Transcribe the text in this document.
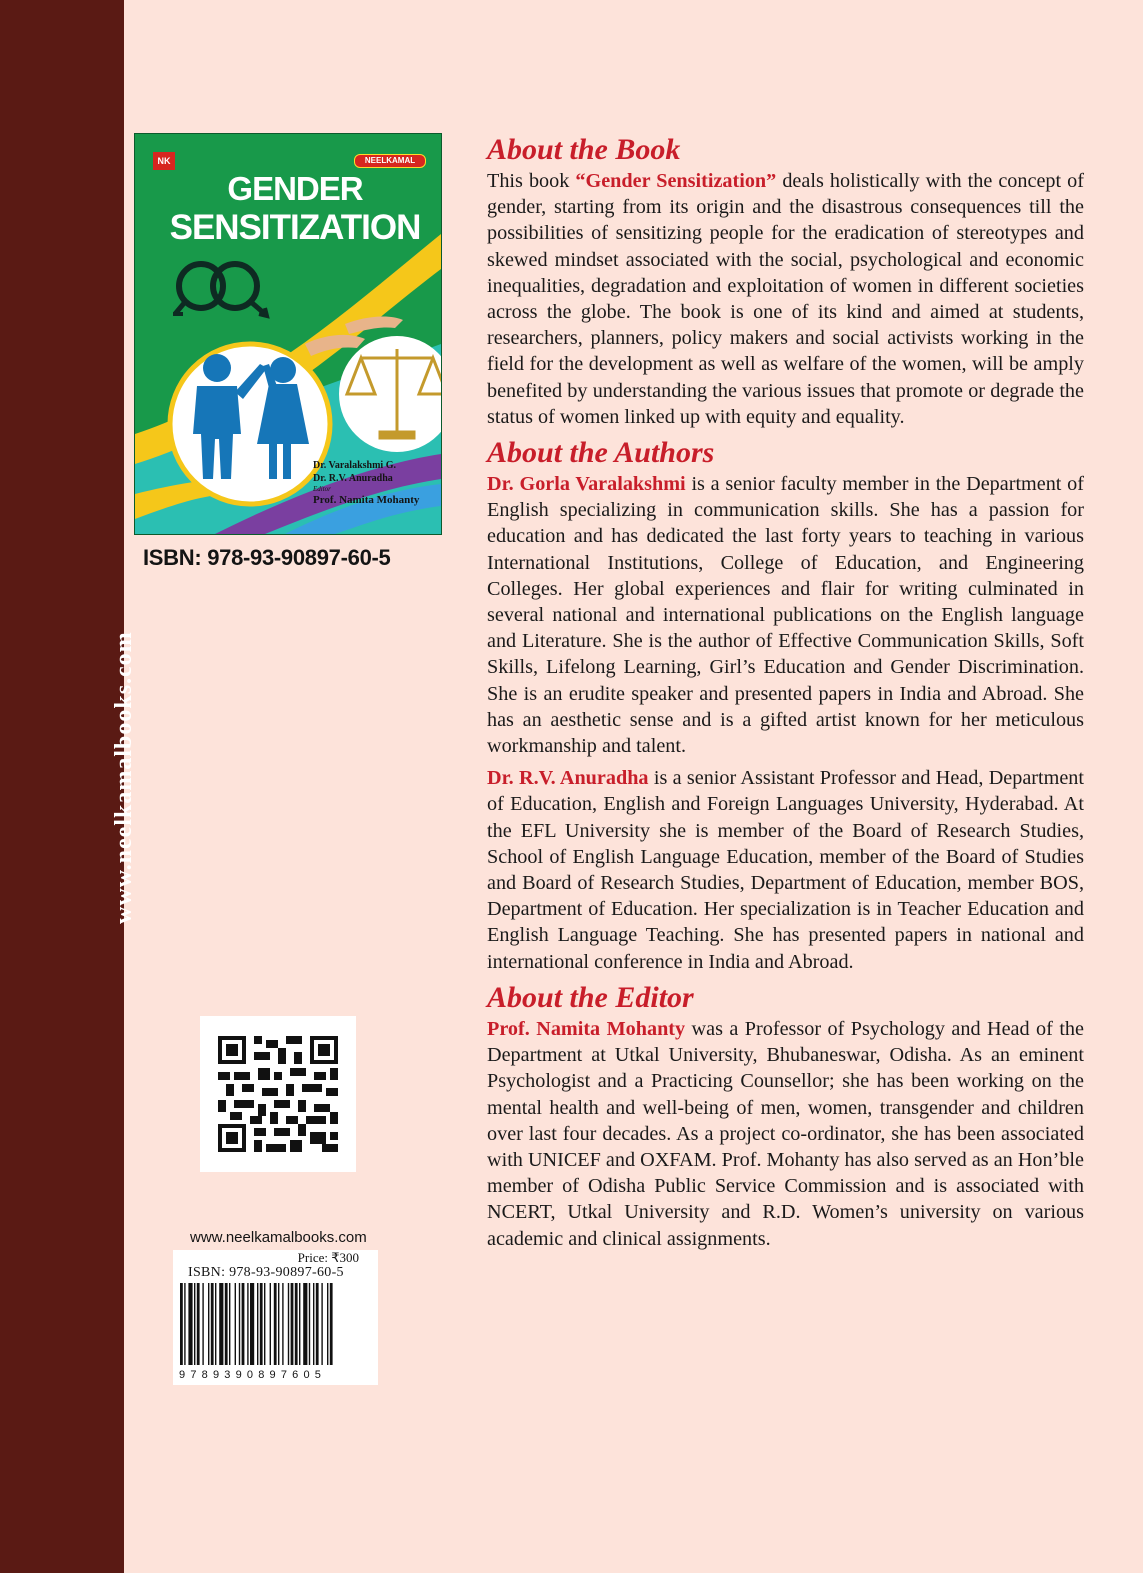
www.neelkamalbooks.com
NK	NEELKAMAL
GENDER
SENSITIZATION
Dr. Varalakshmi G.
Dr. R.V. Anuradha
Editor
Prof. Namita Mohanty
ISBN: 978-93-90897-60-5
www.neelkamalbooks.com
Price: ₹300
ISBN: 978-93-90897-60-5
9789390897605
About the Book

This book “Gender Sensitization” deals holistically with the concept of gender, starting from its origin and the disastrous consequences till the possibilities of sensitizing people for the eradication of stereotypes and skewed mindset associated with the social, psychological and economic inequalities, degradation and exploitation of women in different societies across the globe. The book is one of its kind and aimed at students, researchers, planners, policy makers and social activists working in the field for the development as well as welfare of the women, will be amply benefited by understanding the various issues that promote or degrade the status of women linked up with equity and equality.

About the Authors

Dr. Gorla Varalakshmi is a senior faculty member in the Department of English specializing in communication skills. She has a passion for education and has dedicated the last forty years to teaching in various International Institutions, College of Education, and Engineering Colleges. Her global experiences and flair for writing culminated in several national and international publications on the English language and Literature. She is the author of Effective Communication Skills, Soft Skills, Lifelong Learning, Girl’s Education and Gender Discrimination. She is an erudite speaker and presented papers in India and Abroad. She has an aesthetic sense and is a gifted artist known for her meticulous workmanship and talent.

Dr. R.V. Anuradha is a senior Assistant Professor and Head, Department of Education, English and Foreign Languages University, Hyderabad. At the EFL University she is member of the Board of Research Studies, School of English Language Education, member of the Board of Studies and Board of Research Studies, Department of Education, member BOS, Department of Education. Her specialization is in Teacher Education and English Language Teaching. She has presented papers in national and international conference in India and Abroad.

About the Editor

Prof. Namita Mohanty was a Professor of Psychology and Head of the Department at Utkal University, Bhubaneswar, Odisha. As an eminent Psychologist and a Practicing Counsellor; she has been working on the mental health and well-being of men, women, transgender and children over last four decades. As a project co-ordinator, she has been associated with UNICEF and OXFAM. Prof. Mohanty has also served as an Hon’ble member of Odisha Public Service Commission and is associated with NCERT, Utkal University and R.D. Women’s university on various academic and clinical assignments.
